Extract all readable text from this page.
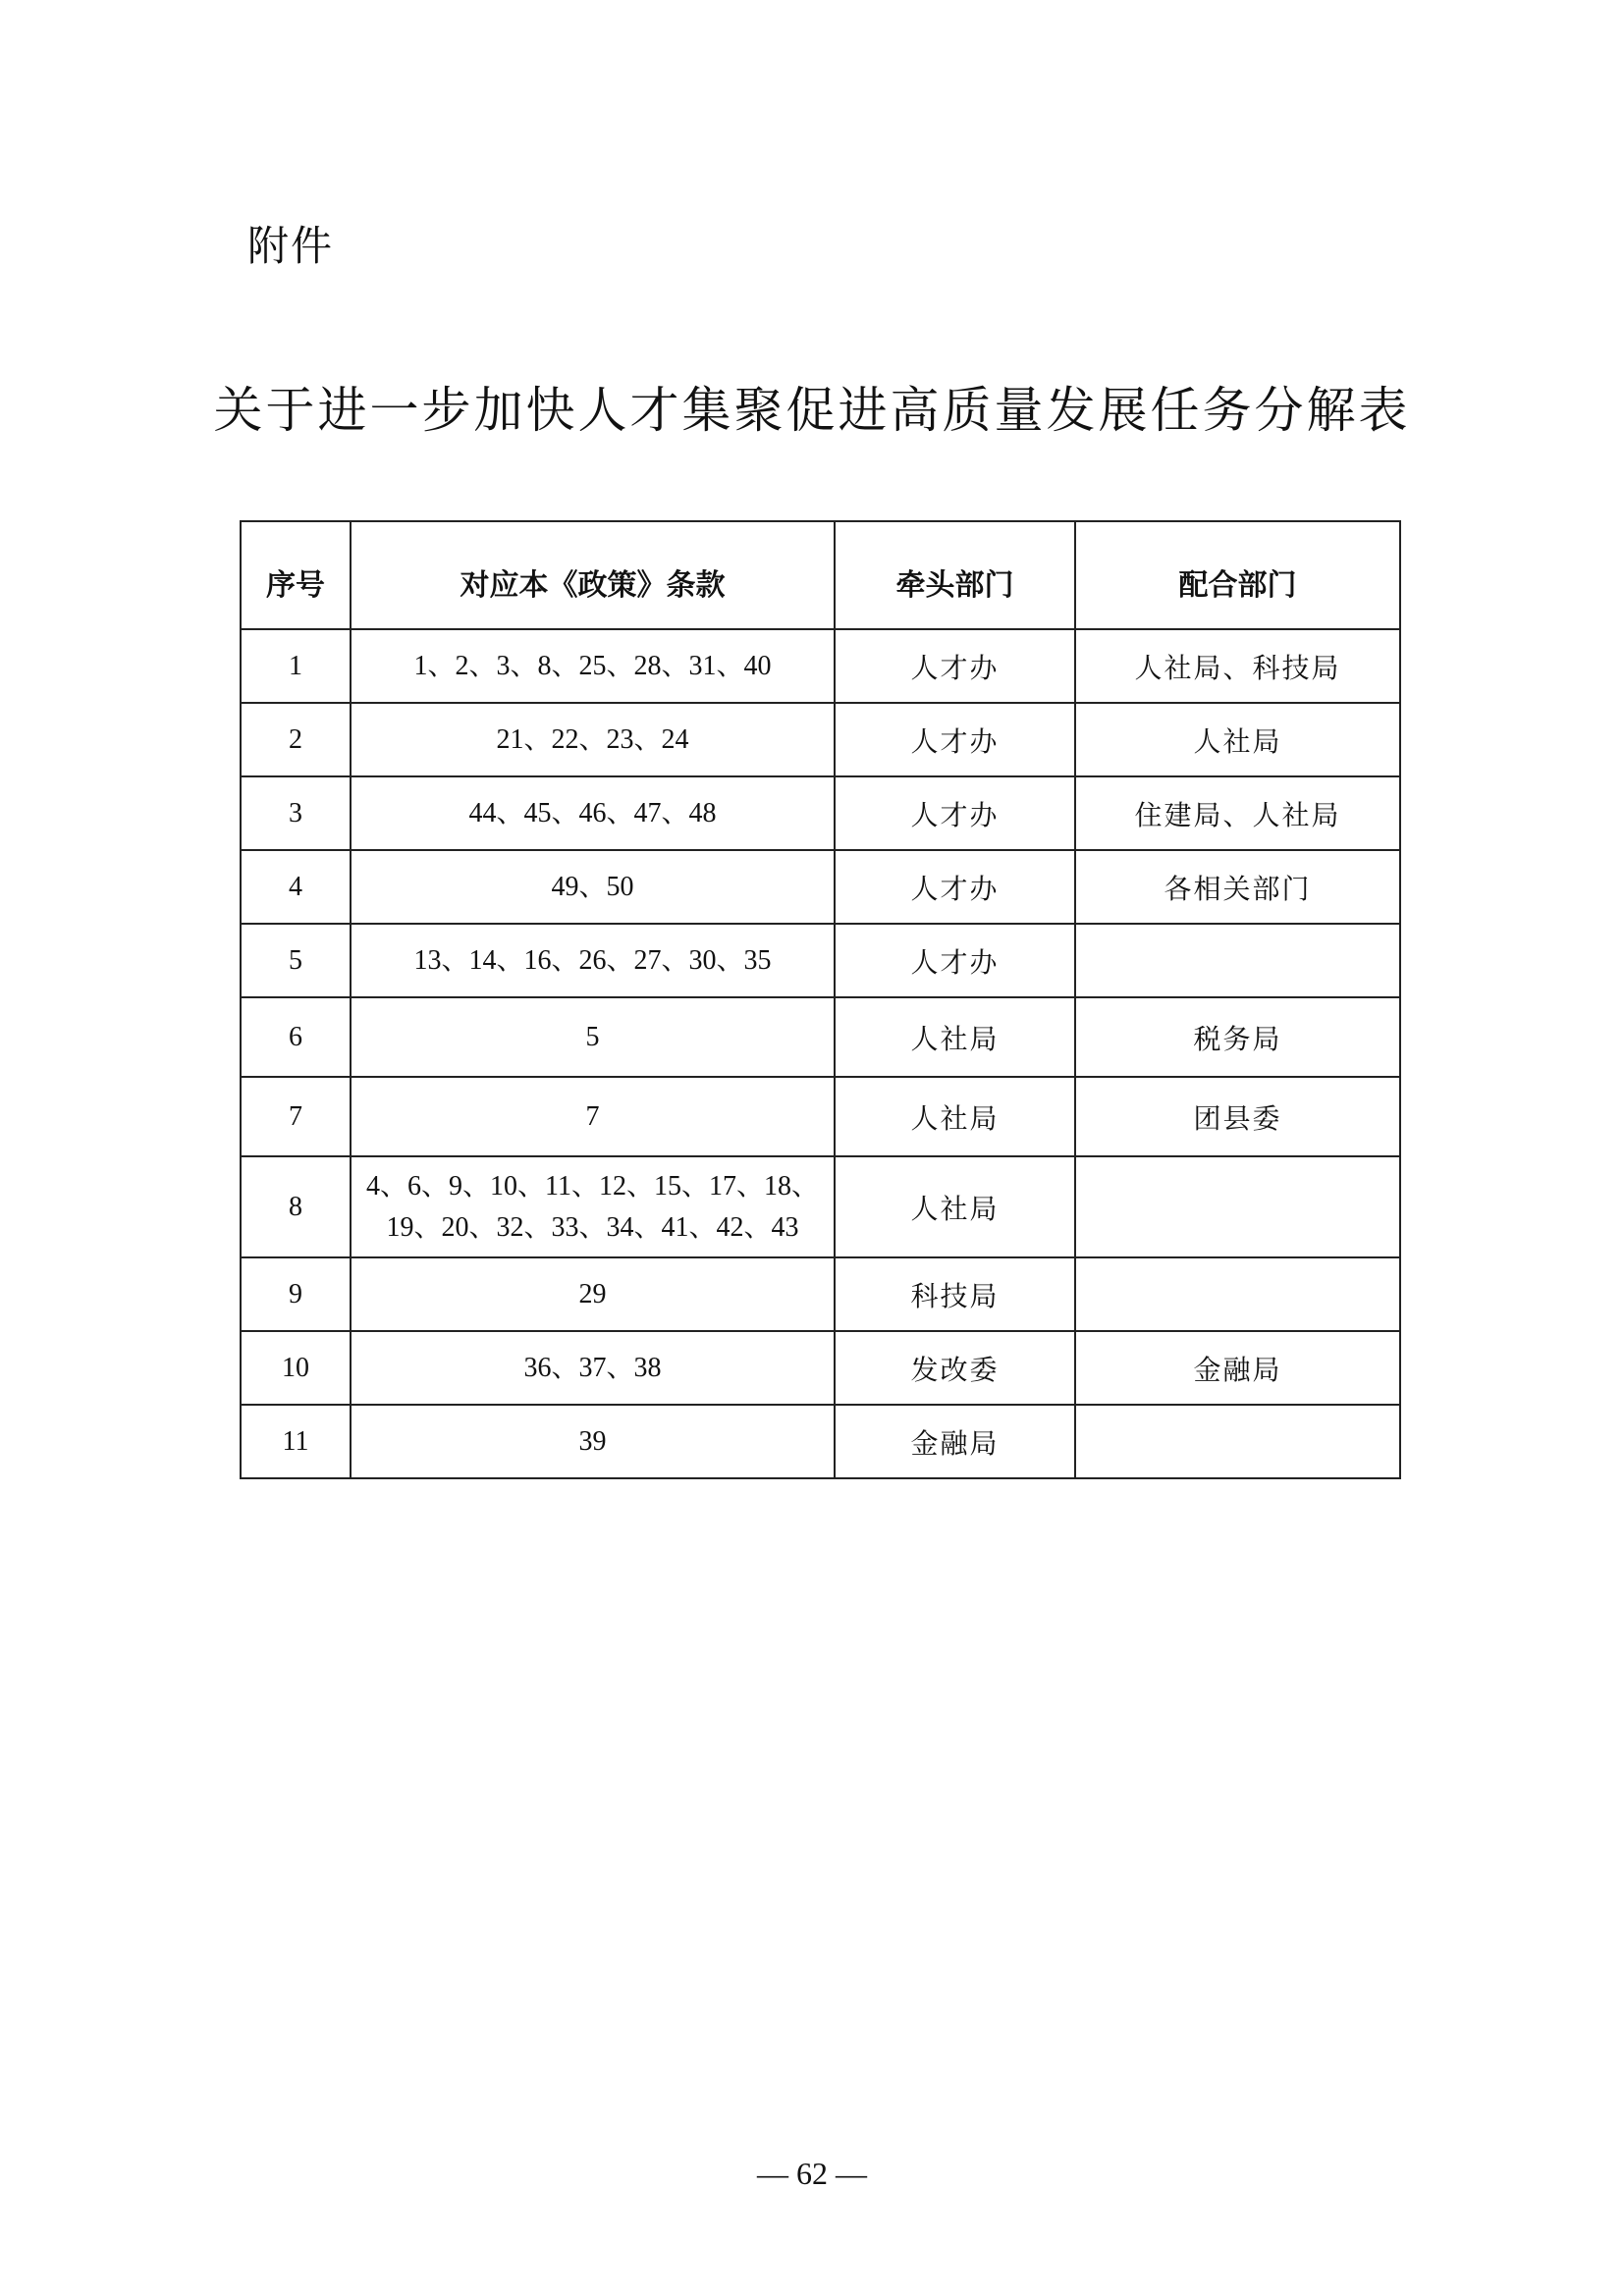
附件
关于进一步加快人才集聚促进高质量发展任务分解表
序号	对应本《政策》条款	牵头部门	配合部门
1	1、2、3、8、25、28、31、40	人才办	人社局、科技局
2	21、22、23、24	人才办	人社局
3	44、45、46、47、48	人才办	住建局、人社局
4	49、50	人才办	各相关部门
5	13、14、16、26、27、30、35	人才办	
6	5	人社局	税务局
7	7	人社局	团县委
8	4、6、9、10、11、12、15、17、18、
19、20、32、33、34、41、42、43	人社局	
9	29	科技局	
10	36、37、38	发改委	金融局
11	39	金融局	
— 62 —
